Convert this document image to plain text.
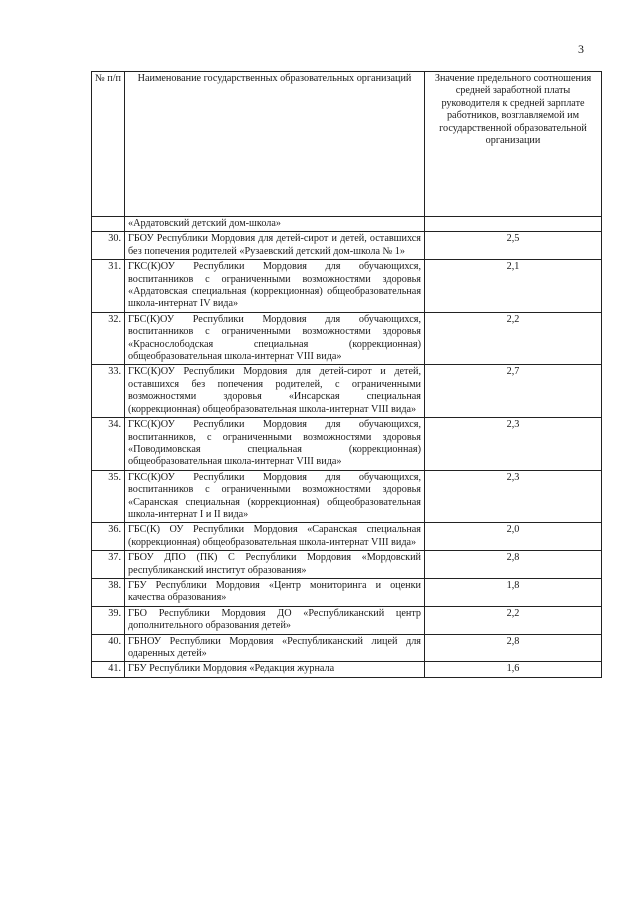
3
№ п/п	Наименование государственных образовательных организаций	Значение предельного соотношения средней заработной платы руководителя к средней зарплате работников, возглавляемой им государственной образовательной организации
	«Ардатовский детский дом-школа»	
30.	ГБОУ Республики Мордовия для детей-сирот и детей, оставшихся без попечения родителей «Рузаевский детский дом-школа № 1»	2,5
31.	ГКС(К)ОУ Республики Мордовия для обучающихся, воспитанников с ограниченными возможностями здоровья «Ардатовская специальная (коррекционная) общеобразовательная школа-интернат IV вида»	2,1
32.	ГБС(К)ОУ Республики Мордовия для обучающихся, воспитанников с ограниченными возможностями здоровья «Краснослободская специальная (коррекционная) общеобразовательная школа-интернат VIII вида»	2,2
33.	ГКС(К)ОУ Республики Мордовия для детей-сирот и детей, оставшихся без попечения родителей, с ограниченными возможностями здоровья «Инсарская специальная (коррекционная) общеобразовательная школа-интернат VIII вида»	2,7
34.	ГКС(К)ОУ Республики Мордовия для обучающихся, воспитанников, с ограниченными возможностями здоровья «Поводимовская специальная (коррекционная) общеобразовательная школа-интернат VIII вида»	2,3
35.	ГКС(К)ОУ Республики Мордовия для обучающихся, воспитанников с ограниченными возможностями здоровья «Саранская специальная (коррекционная) общеобразовательная школа-интернат I и II вида»	2,3
36.	ГБС(К) ОУ Республики Мордовия «Саранская специальная (коррекционная) общеобразовательная школа-интернат VIII вида»	2,0
37.	ГБОУ ДПО (ПК) С Республики Мордовия «Мордовский республиканский институт образования»	2,8
38.	ГБУ Республики Мордовия «Центр мониторинга и оценки качества образования»	1,8
39.	ГБО Республики Мордовия ДО «Республиканский центр дополнительного образования детей»	2,2
40.	ГБНОУ Республики Мордовия «Республиканский лицей для одаренных детей»	2,8
41.	ГБУ Республики Мордовия «Редакция журнала	1,6
